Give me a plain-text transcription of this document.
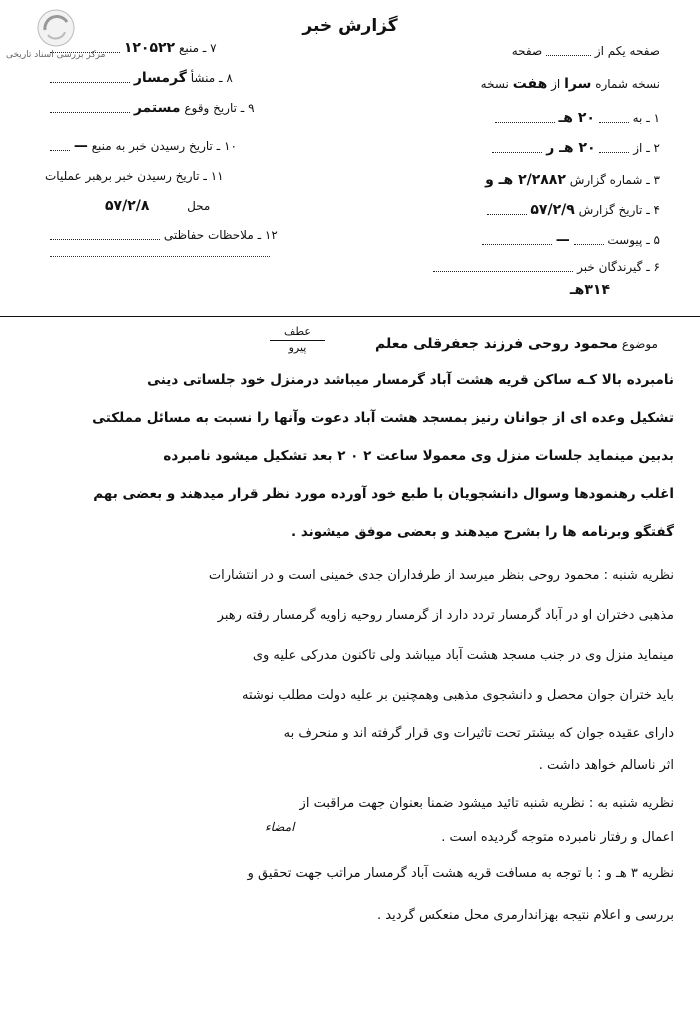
مرکز بررسی اسناد تاریخی
گزارش خبر
۷ ـ منبع ۱۲۰۵۲۲
۸ ـ منشأ گرمسار
۹ ـ تاریخ وقوع مستمر
۱۰ ـ تاریخ رسیدن خبر به منبع —
۱۱ ـ تاریخ رسیدن خبر برهبر عملیات
محل  ۵۷/۲/۸
۱۲ ـ ملاحظات حفاظتی
صفحه یکم از  صفحه
نسخه شماره سرا از هفت نسخه
۱ ـ به  ۲۰ هـ
۲ ـ از  ۲۰ هـ ر
۳ ـ شماره گزارش ۲/۲۸۸۲ هـ و
۴ ـ تاریخ گزارش ۵۷/۲/۹
۵ ـ پیوست  —
۶ ـ گیرندگان خبر
۳۱۴هـ
عطف
پیرو	موضوع محمود روحی فرزند جعفرقلی معلم
نامبرده بالا کـه ساکن قریه هشت آباد گرمسار میباشد درمنزل خود جلساتی دینی
تشکیل وعده ای از جوانان رنیز بمسجد هشت آباد دعوت وآنها را نسبت به مسائل مملکتی
بدبین مینماید جلسات منزل وی معمولا ساعت ۲ ۰ ۲ بعد تشکیل میشود نامبرده
اغلب رهنمودها وسوال دانشجویان با طبع خود آورده مورد نظر قرار میدهند و بعضی بهم
گفتگو وبرنامه ها را بشرح میدهند و بعضی موفق میشوند .
نظریه شنبه : محمود روحی بنظر میرسد از طرفداران جدی خمینی است و در انتشارات
مذهبی دختران او در آباد گرمسار تردد دارد از گرمسار روحیه زاویه گرمسار رفته رهبر
مینماید منزل وی در جنب مسجد هشت آباد میباشد ولی تاکنون مدرکی علیه وی
باید ختران جوان محصل و دانشجوی مذهبی وهمچنین بر علیه دولت مطلب نوشته
دارای عقیده جوان که بیشتر تحت تاثیرات وی قرار گرفته اند و منحرف به
اثر ناسالم خواهد داشت .
نظریه شنبه به : نظریه شنبه تائید میشود ضمنا بعنوان جهت مراقبت از
اعمال و رفتار نامبرده متوجه گردیده است .
امضاء
نظریه ۳ هـ و : با توجه به مسافت قریه هشت آباد گرمسار مراتب جهت تحقیق و
بررسی و اعلام نتیجه بهزاندارمری محل منعکس گردید .
